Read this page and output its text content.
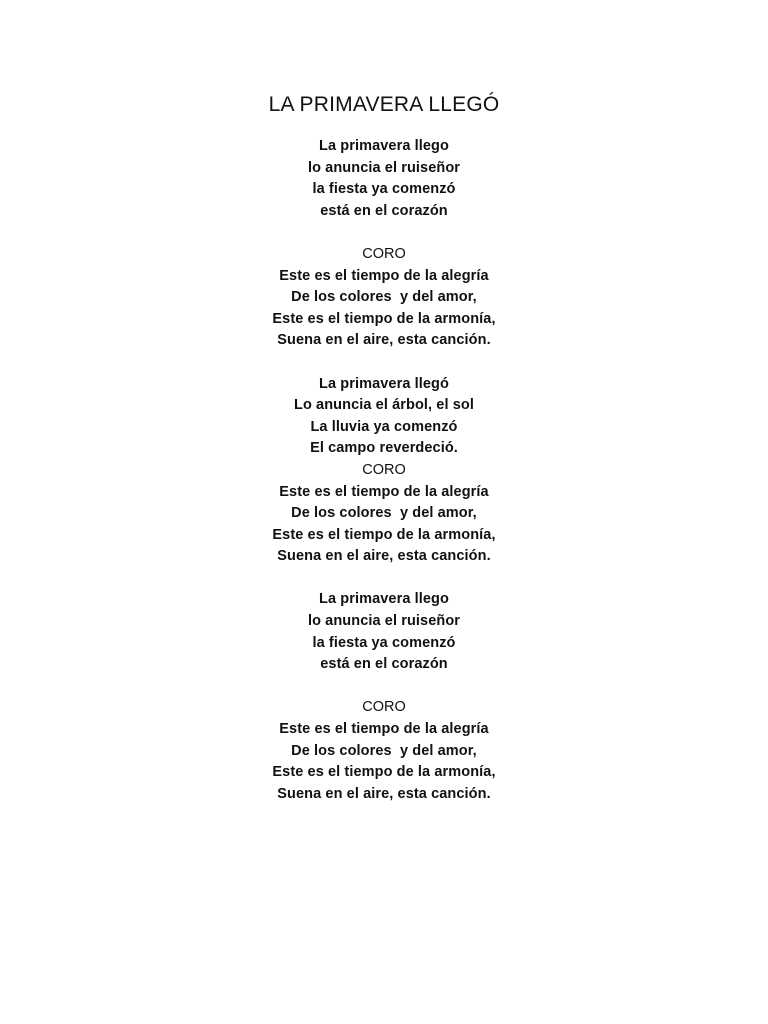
LA PRIMAVERA LLEGÓ
La primavera llego
lo anuncia el ruiseñor
la fiesta ya comenzó
está en el corazón
CORO
Este es el tiempo de la alegría
De los colores  y del amor,
Este es el tiempo de la armonía,
Suena en el aire, esta canción.
La primavera llegó
Lo anuncia el árbol, el sol
La lluvia ya comenzó
El campo reverdeció.
CORO
Este es el tiempo de la alegría
De los colores  y del amor,
Este es el tiempo de la armonía,
Suena en el aire, esta canción.
La primavera llego
lo anuncia el ruiseñor
la fiesta ya comenzó
está en el corazón
CORO
Este es el tiempo de la alegría
De los colores  y del amor,
Este es el tiempo de la armonía,
Suena en el aire, esta canción.
